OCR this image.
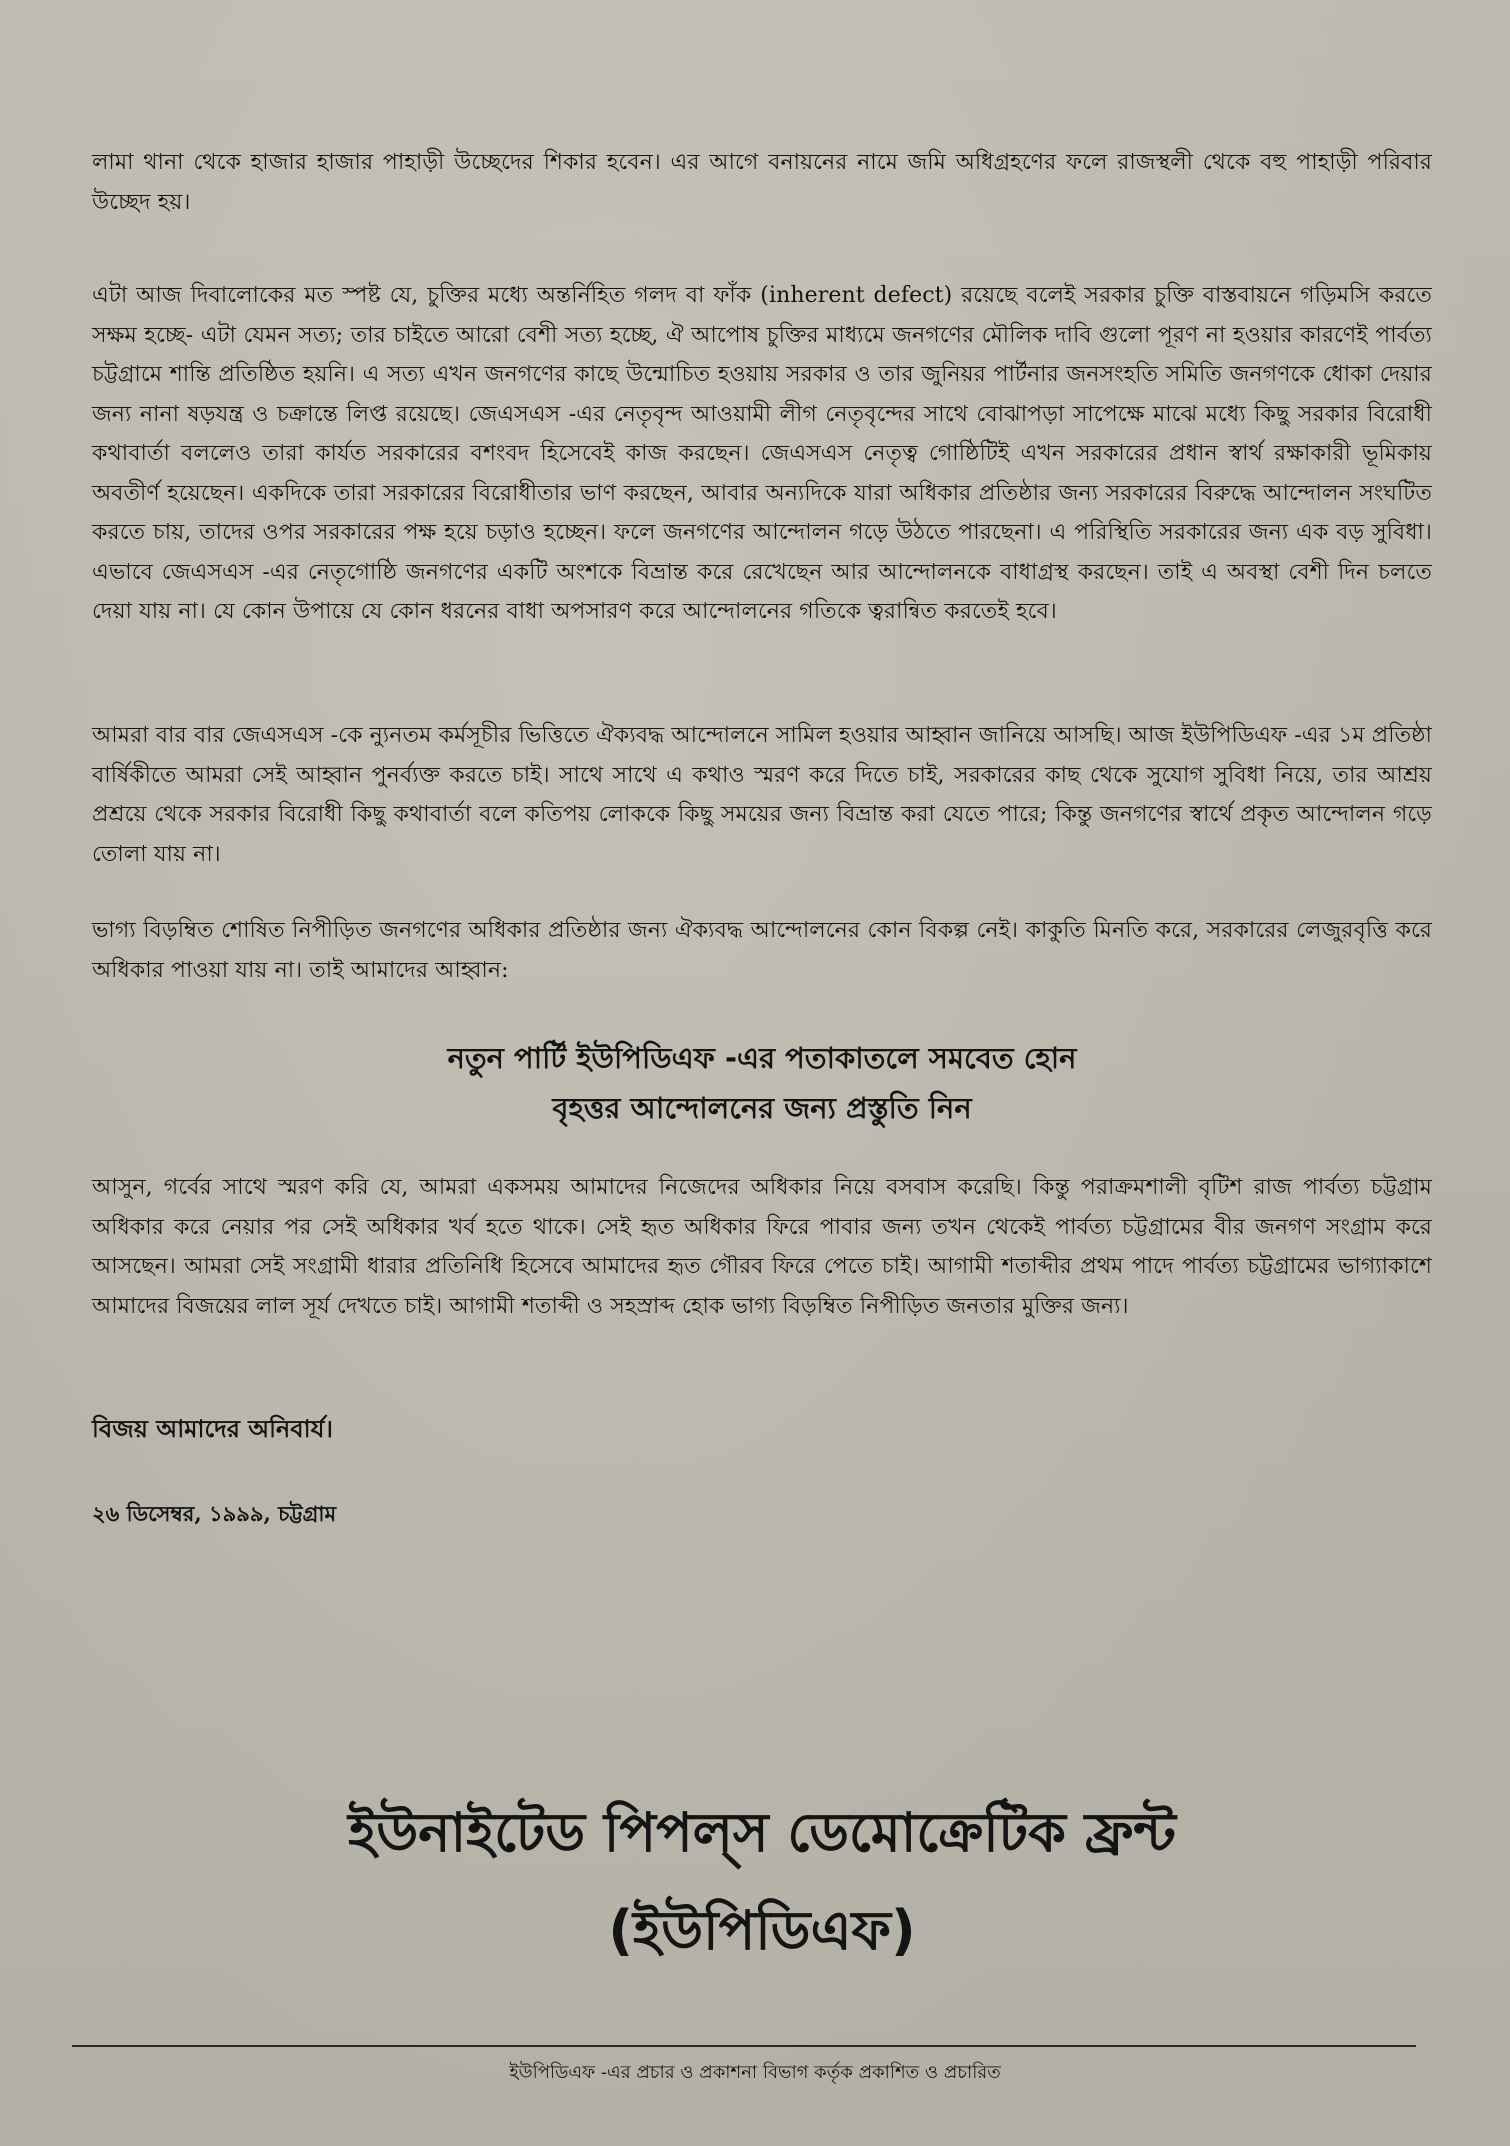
লামা থানা থেকে হাজার হাজার পাহাড়ী উচ্ছেদের শিকার হবেন। এর আগে বনায়নের নামে জমি অধিগ্রহণের ফলে রাজস্থলী থেকে বহু পাহাড়ী পরিবার উচ্ছেদ হয়।

এটা আজ দিবালোকের মত স্পষ্ট যে, চুক্তির মধ্যে অন্তর্নিহিত গলদ বা ফাঁক (inherent defect) রয়েছে বলেই সরকার চুক্তি বাস্তবায়নে গড়িমসি করতে সক্ষম হচ্ছে- এটা যেমন সত্য; তার চাইতে আরো বেশী সত্য হচ্ছে, ঐ আপোষ চুক্তির মাধ্যমে জনগণের মৌলিক দাবি গুলো পূরণ না হওয়ার কারণেই পার্বত্য চট্টগ্রামে শান্তি প্রতিষ্ঠিত হয়নি। এ সত্য এখন জনগণের কাছে উন্মোচিত হওয়ায় সরকার ও তার জুনিয়র পার্টনার জনসংহতি সমিতি জনগণকে ধোকা দেয়ার জন্য নানা ষড়যন্ত্র ও চক্রান্তে লিপ্ত রয়েছে। জেএসএস -এর নেতৃবৃন্দ আওয়ামী লীগ নেতৃবৃন্দের সাথে বোঝাপড়া সাপেক্ষে মাঝে মধ্যে কিছু সরকার বিরোধী কথাবার্তা বললেও তারা কার্যত সরকারের বশংবদ হিসেবেই কাজ করছেন। জেএসএস নেতৃত্ব গোষ্ঠিটিই এখন সরকারের প্রধান স্বার্থ রক্ষাকারী ভূমিকায় অবতীর্ণ হয়েছেন। একদিকে তারা সরকারের বিরোধীতার ভাণ করছেন, আবার অন্যদিকে যারা অধিকার প্রতিষ্ঠার জন্য সরকারের বিরুদ্ধে আন্দোলন সংঘটিত করতে চায়, তাদের ওপর সরকারের পক্ষ হয়ে চড়াও হচ্ছেন। ফলে জনগণের আন্দোলন গড়ে উঠতে পারছেনা। এ পরিস্থিতি সরকারের জন্য এক বড় সুবিধা। এভাবে জেএসএস -এর নেতৃগোষ্ঠি জনগণের একটি অংশকে বিভ্রান্ত করে রেখেছেন আর আন্দোলনকে বাধাগ্রস্থ করছেন। তাই এ অবস্থা বেশী দিন চলতে দেয়া যায় না। যে কোন উপায়ে যে কোন ধরনের বাধা অপসারণ করে আন্দোলনের গতিকে ত্বরান্বিত করতেই হবে।

আমরা বার বার জেএসএস -কে ন্যুনতম কর্মসূচীর ভিত্তিতে ঐক্যবদ্ধ আন্দোলনে সামিল হওয়ার আহ্বান জানিয়ে আসছি। আজ ইউপিডিএফ -এর ১ম প্রতিষ্ঠা বার্ষিকীতে আমরা সেই আহ্বান পুনর্ব্যক্ত করতে চাই। সাথে সাথে এ কথাও স্মরণ করে দিতে চাই, সরকারের কাছ থেকে সুযোগ সুবিধা নিয়ে, তার আশ্রয় প্রশ্রয়ে থেকে সরকার বিরোধী কিছু কথাবার্তা বলে কতিপয় লোককে কিছু সময়ের জন্য বিভ্রান্ত করা যেতে পারে; কিন্তু জনগণের স্বার্থে প্রকৃত আন্দোলন গড়ে তোলা যায় না।

ভাগ্য বিড়ম্বিত শোষিত নিপীড়িত জনগণের অধিকার প্রতিষ্ঠার জন্য ঐক্যবদ্ধ আন্দোলনের কোন বিকল্প নেই। কাকুতি মিনতি করে, সরকারের লেজুরবৃত্তি করে অধিকার পাওয়া যায় না। তাই আমাদের আহ্বান:

নতুন পার্টি ইউপিডিএফ -এর পতাকাতলে সমবেত হোন

বৃহত্তর আন্দোলনের জন্য প্রস্তুতি নিন

আসুন, গর্বের সাথে স্মরণ করি যে, আমরা একসময় আমাদের নিজেদের অধিকার নিয়ে বসবাস করেছি। কিন্তু পরাক্রমশালী বৃটিশ রাজ পার্বত্য চট্টগ্রাম অধিকার করে নেয়ার পর সেই অধিকার খর্ব হতে থাকে। সেই হৃত অধিকার ফিরে পাবার জন্য তখন থেকেই পার্বত্য চট্টগ্রামের বীর জনগণ সংগ্রাম করে আসছেন। আমরা সেই সংগ্রামী ধারার প্রতিনিধি হিসেবে আমাদের হৃত গৌরব ফিরে পেতে চাই। আগামী শতাব্দীর প্রথম পাদে পার্বত্য চট্টগ্রামের ভাগ্যাকাশে আমাদের বিজয়ের লাল সূর্য দেখতে চাই। আগামী শতাব্দী ও সহস্রাব্দ হোক ভাগ্য বিড়ম্বিত নিপীড়িত জনতার মুক্তির জন্য।

বিজয় আমাদের অনিবার্য।

২৬ ডিসেম্বর, ১৯৯৯, চট্টগ্রাম

ইউনাইটেড পিপল্স ডেমোক্রেটিক ফ্রন্ট

(ইউপিডিএফ)

ইউপিডিএফ -এর প্রচার ও প্রকাশনা বিভাগ কর্তৃক প্রকাশিত ও প্রচারিত
